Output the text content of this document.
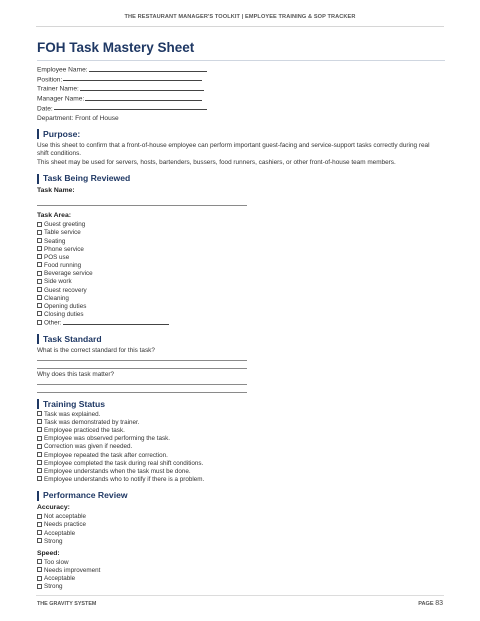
THE RESTAURANT MANAGER'S TOOLKIT | EMPLOYEE TRAINING & SOP TRACKER
FOH Task Mastery Sheet
Employee Name:
Position:
Trainer Name:
Manager Name:
Date:
Department: Front of House
Purpose:
Use this sheet to confirm that a front-of-house employee can perform important guest-facing and service-support tasks correctly during real shift conditions.
This sheet may be used for servers, hosts, bartenders, bussers, food runners, cashiers, or other front-of-house team members.
Task Being Reviewed
Task Name:
Task Area:
Guest greeting
Table service
Seating
Phone service
POS use
Food running
Beverage service
Side work
Guest recovery
Cleaning
Opening duties
Closing duties
Other:
Task Standard
What is the correct standard for this task?
Why does this task matter?
Training Status
Task was explained.
Task was demonstrated by trainer.
Employee practiced the task.
Employee was observed performing the task.
Correction was given if needed.
Employee repeated the task after correction.
Employee completed the task during real shift conditions.
Employee understands when the task must be done.
Employee understands who to notify if there is a problem.
Performance Review
Accuracy:
Not acceptable
Needs practice
Acceptable
Strong
Speed:
Too slow
Needs improvement
Acceptable
Strong
THE GRAVITY SYSTEM	PAGE 83
